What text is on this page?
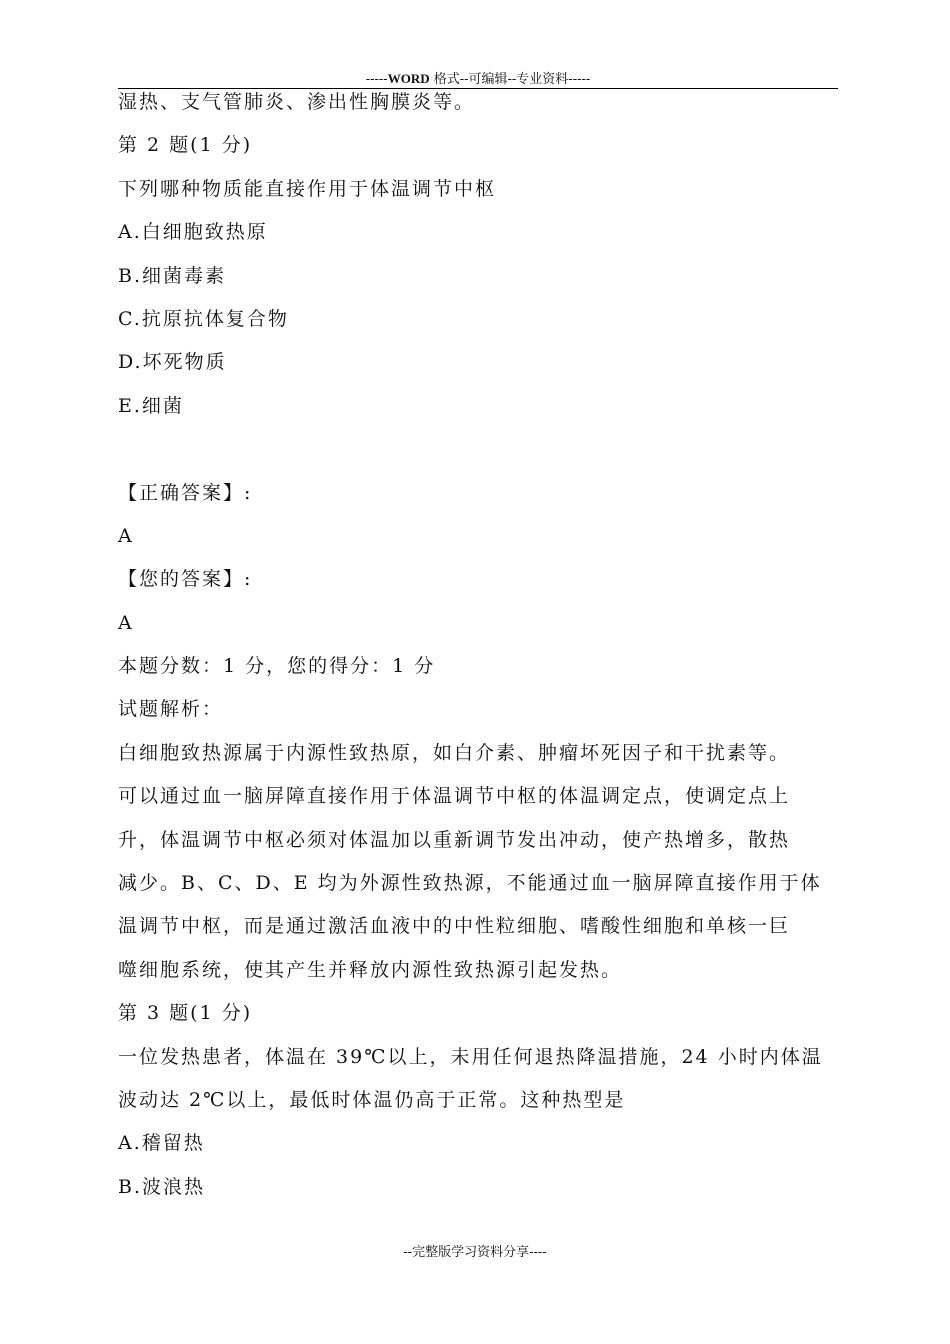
-----WORD 格式--可编辑--专业资料-----
湿热、支气管肺炎、渗出性胸膜炎等。
第 2 题(1 分)
下列哪种物质能直接作用于体温调节中枢
A.白细胞致热原
B.细菌毒素
C.抗原抗体复合物
D.坏死物质
E.细菌
【正确答案】:
A
【您的答案】:
A
本题分数：1 分，您的得分：1 分
试题解析：
白细胞致热源属于内源性致热原，如白介素、肿瘤坏死因子和干扰素等。
可以通过血一脑屏障直接作用于体温调节中枢的体温调定点，使调定点上
升，体温调节中枢必须对体温加以重新调节发出冲动，使产热增多，散热
减少。B、C、D、E 均为外源性致热源，不能通过血一脑屏障直接作用于体
温调节中枢，而是通过激活血液中的中性粒细胞、嗜酸性细胞和单核一巨
噬细胞系统，使其产生并释放内源性致热源引起发热。
第 3 题(1 分)
一位发热患者，体温在 39℃以上，未用任何退热降温措施，24 小时内体温
波动达 2℃以上，最低时体温仍高于正常。这种热型是
A.稽留热
B.波浪热
--完整版学习资料分享----
